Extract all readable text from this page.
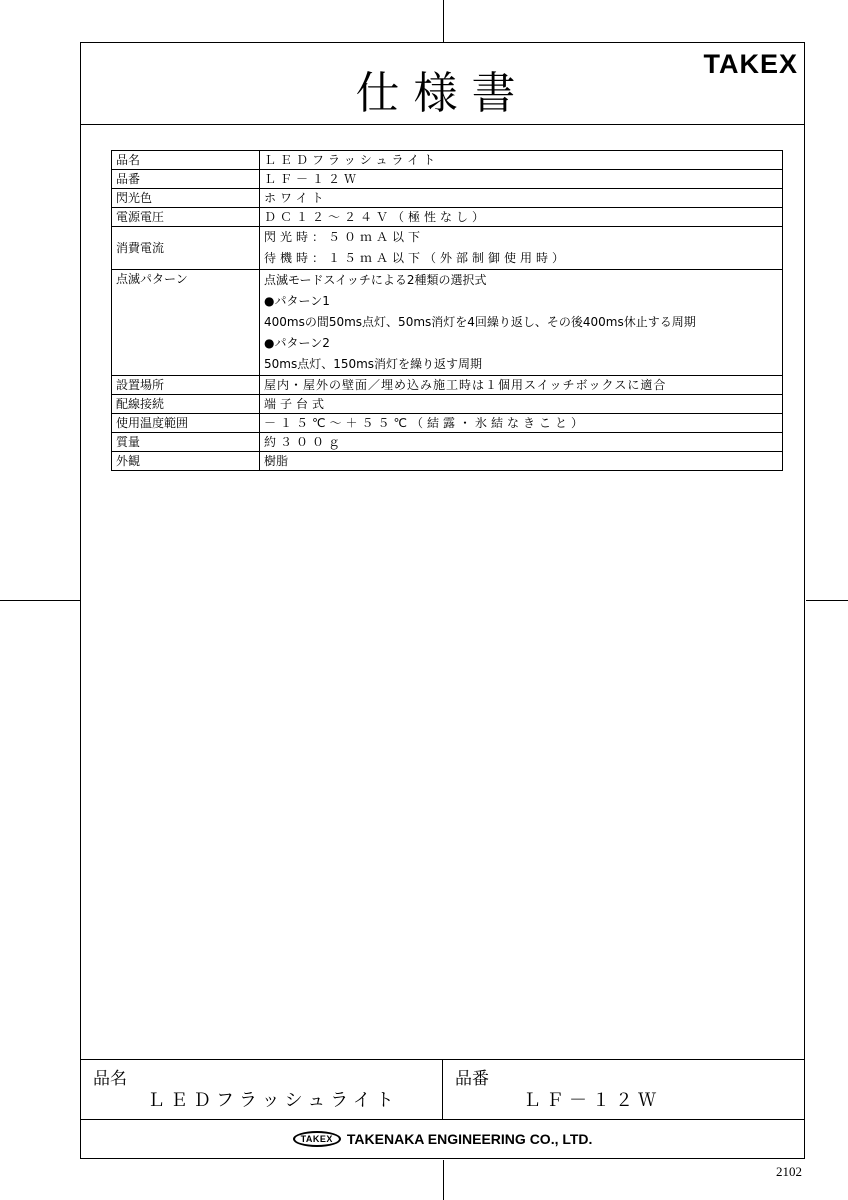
仕様書
TAKEX
品名	ＬＥＤフラッシュライト
品番	ＬＦ－１２Ｗ
閃光色	ホワイト
電源電圧	ＤＣ１２～２４Ｖ（極性なし）
消費電流	閃光時：５０ｍＡ以下
待機時：１５ｍＡ以下（外部制御使用時）

点滅パターン	点滅モードスイッチによる2種類の選択式
●パターン1
400msの間50ms点灯、50ms消灯を4回繰り返し、その後400ms休止する周期
●パターン2
50ms点灯、150ms消灯を繰り返す周期

設置場所	屋内・屋外の壁面／埋め込み施工時は１個用スイッチボックスに適合
配線接続	端子台式
使用温度範囲	－１５℃～＋５５℃（結露・氷結なきこと）
質量	約３００ｇ
外観	樹脂
品名
ＬＥＤフラッシュライト
品番
ＬＦ－１２Ｗ
TAKEX	TAKENAKA ENGINEERING CO., LTD.
2102
